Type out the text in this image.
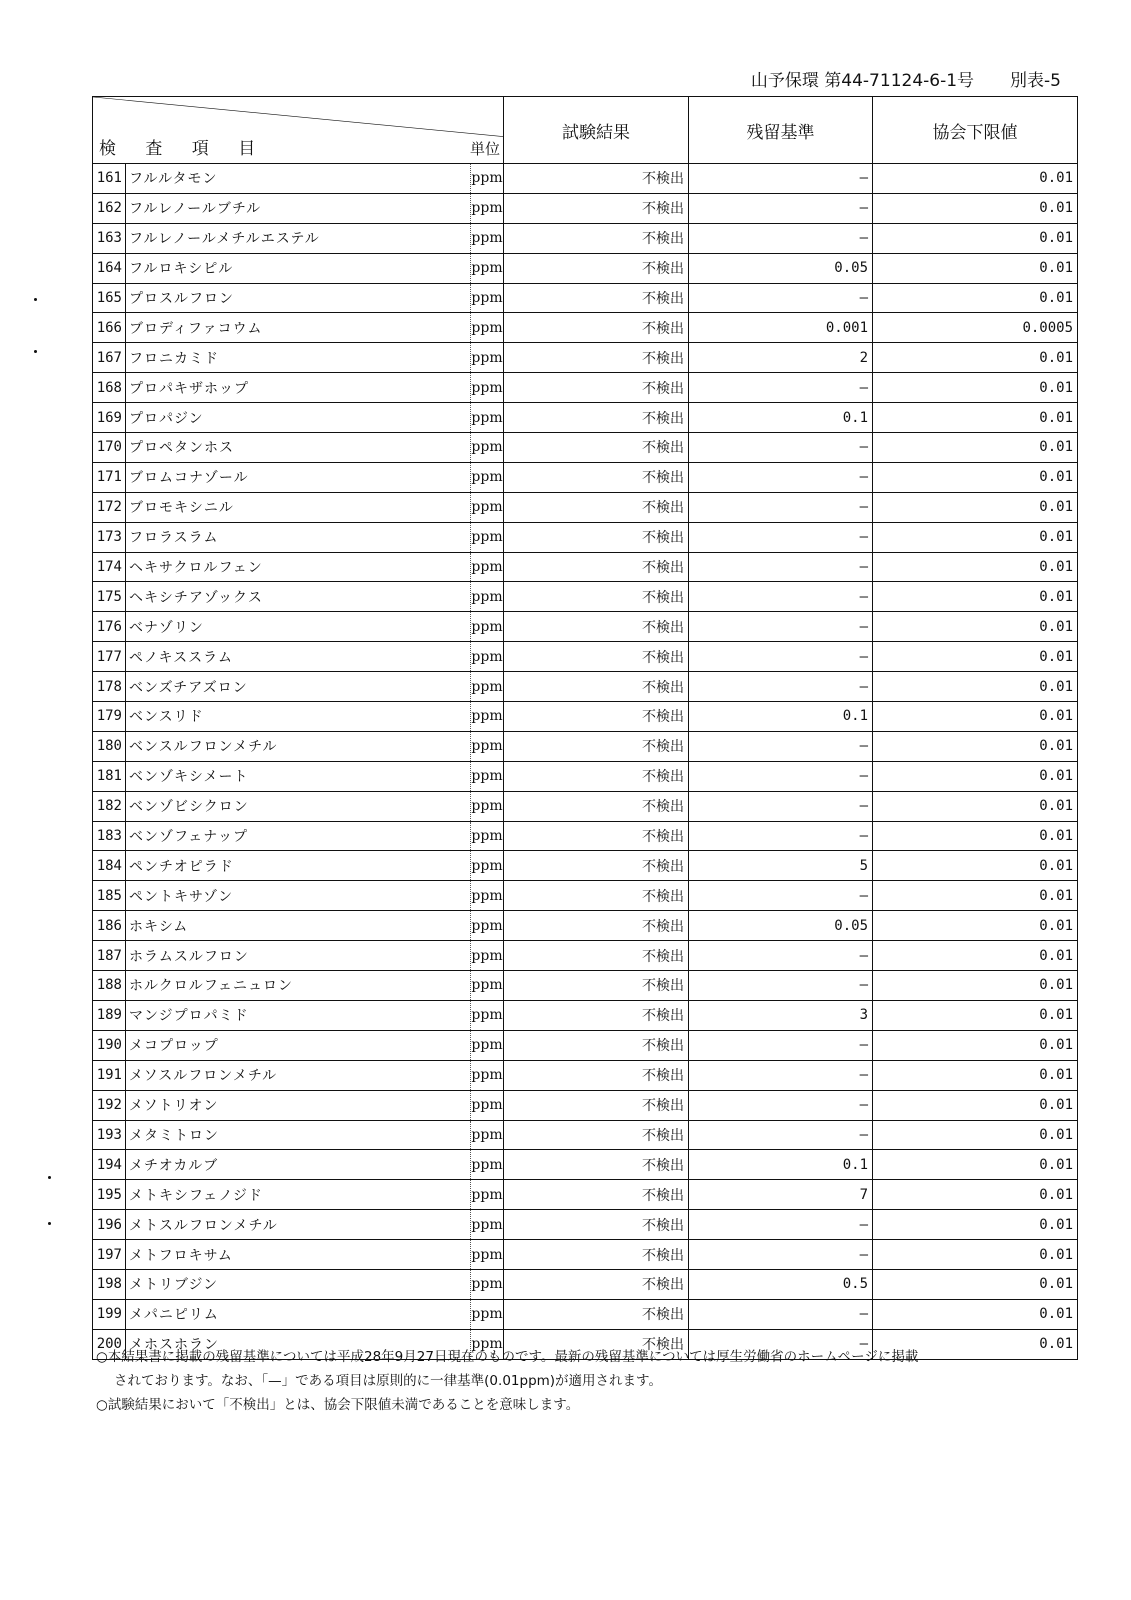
山予保環 第44-71124-6-1号 別表-5
検 査 項 目 単位			試験結果	残留基準	協会下限値
161	フルルタモン	ppm	不検出	—	0.01
162	フルレノールブチル	ppm	不検出	—	0.01
163	フルレノールメチルエステル	ppm	不検出	—	0.01
164	フルロキシピル	ppm	不検出	0.05	0.01
165	プロスルフロン	ppm	不検出	—	0.01
166	ブロディファコウム	ppm	不検出	0.001	0.0005
167	フロニカミド	ppm	不検出	2	0.01
168	プロパキザホップ	ppm	不検出	—	0.01
169	プロパジン	ppm	不検出	0.1	0.01
170	プロペタンホス	ppm	不検出	—	0.01
171	ブロムコナゾール	ppm	不検出	—	0.01
172	ブロモキシニル	ppm	不検出	—	0.01
173	フロラスラム	ppm	不検出	—	0.01
174	ヘキサクロルフェン	ppm	不検出	—	0.01
175	ヘキシチアゾックス	ppm	不検出	—	0.01
176	ベナゾリン	ppm	不検出	—	0.01
177	ペノキススラム	ppm	不検出	—	0.01
178	ベンズチアズロン	ppm	不検出	—	0.01
179	ベンスリド	ppm	不検出	0.1	0.01
180	ベンスルフロンメチル	ppm	不検出	—	0.01
181	ベンゾキシメート	ppm	不検出	—	0.01
182	ベンゾビシクロン	ppm	不検出	—	0.01
183	ベンゾフェナップ	ppm	不検出	—	0.01
184	ペンチオピラド	ppm	不検出	5	0.01
185	ペントキサゾン	ppm	不検出	—	0.01
186	ホキシム	ppm	不検出	0.05	0.01
187	ホラムスルフロン	ppm	不検出	—	0.01
188	ホルクロルフェニュロン	ppm	不検出	—	0.01
189	マンジプロパミド	ppm	不検出	3	0.01
190	メコプロップ	ppm	不検出	—	0.01
191	メソスルフロンメチル	ppm	不検出	—	0.01
192	メソトリオン	ppm	不検出	—	0.01
193	メタミトロン	ppm	不検出	—	0.01
194	メチオカルブ	ppm	不検出	0.1	0.01
195	メトキシフェノジド	ppm	不検出	7	0.01
196	メトスルフロンメチル	ppm	不検出	—	0.01
197	メトフロキサム	ppm	不検出	—	0.01
198	メトリブジン	ppm	不検出	0.5	0.01
199	メパニピリム	ppm	不検出	—	0.01
200	メホスホラン	ppm	不検出	—	0.01
○本結果書に掲載の残留基準については平成28年9月27日現在のものです。最新の残留基準については厚生労働省のホームページに掲載
されております。なお、「—」である項目は原則的に一律基準(0.01ppm)が適用されます。
○試験結果において「不検出」とは、協会下限値未満であることを意味します。
